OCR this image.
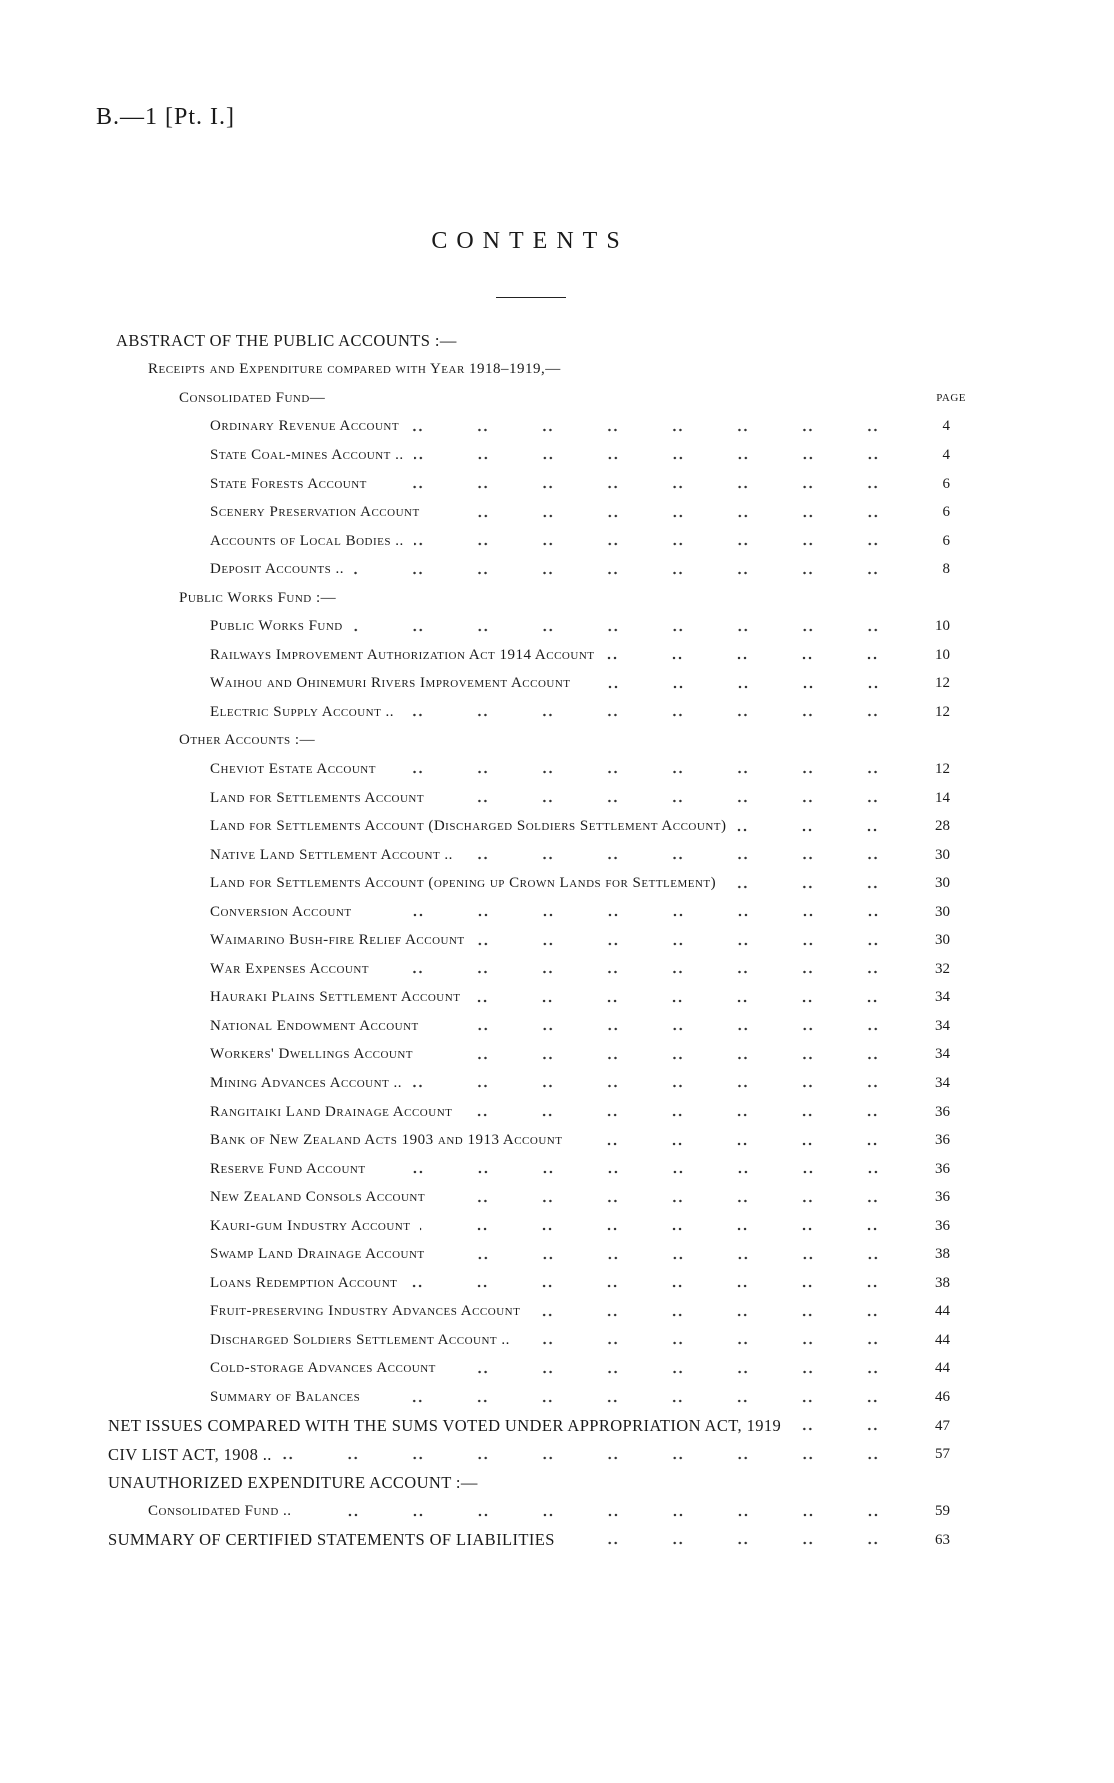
B.—1 [Pt. I.]
CONTENTS
ABSTRACT OF THE PUBLIC ACCOUNTS :—
Receipts and Expenditure compared with Year 1918–1919,—
Consolidated Fund—	PAGE
Ordinary Revenue Account	4
State Coal-mines Account ..	4
State Forests Account	6
Scenery Preservation Account	6
Accounts of Local Bodies ..	6
Deposit Accounts ..	8
Public Works Fund :—
Public Works Fund	10
Railways Improvement Authorization Act 1914 Account	10
Waihou and Ohinemuri Rivers Improvement Account	12
Electric Supply Account ..	12
Other Accounts :—
Cheviot Estate Account	12
Land for Settlements Account	14
Land for Settlements Account (Discharged Soldiers Settlement Account)	28
Native Land Settlement Account ..	30
Land for Settlements Account (opening up Crown Lands for Settlement)	30
Conversion Account	30
Waimarino Bush-fire Relief Account	30
War Expenses Account	32
Hauraki Plains Settlement Account	34
National Endowment Account	34
Workers' Dwellings Account	34
Mining Advances Account ..	34
Rangitaiki Land Drainage Account	36
Bank of New Zealand Acts 1903 and 1913 Account	36
Reserve Fund Account	36
New Zealand Consols Account	36
Kauri-gum Industry Account	36
Swamp Land Drainage Account	38
Loans Redemption Account	38
Fruit-preserving Industry Advances Account	44
Discharged Soldiers Settlement Account ..	44
Cold-storage Advances Account	44
Summary of Balances	46
NET ISSUES COMPARED WITH THE SUMS VOTED UNDER APPROPRIATION ACT, 1919	47
CIV LIST ACT, 1908 ..	57
UNAUTHORIZED EXPENDITURE ACCOUNT :—
Consolidated Fund ..	59
SUMMARY OF CERTIFIED STATEMENTS OF LIABILITIES	63
